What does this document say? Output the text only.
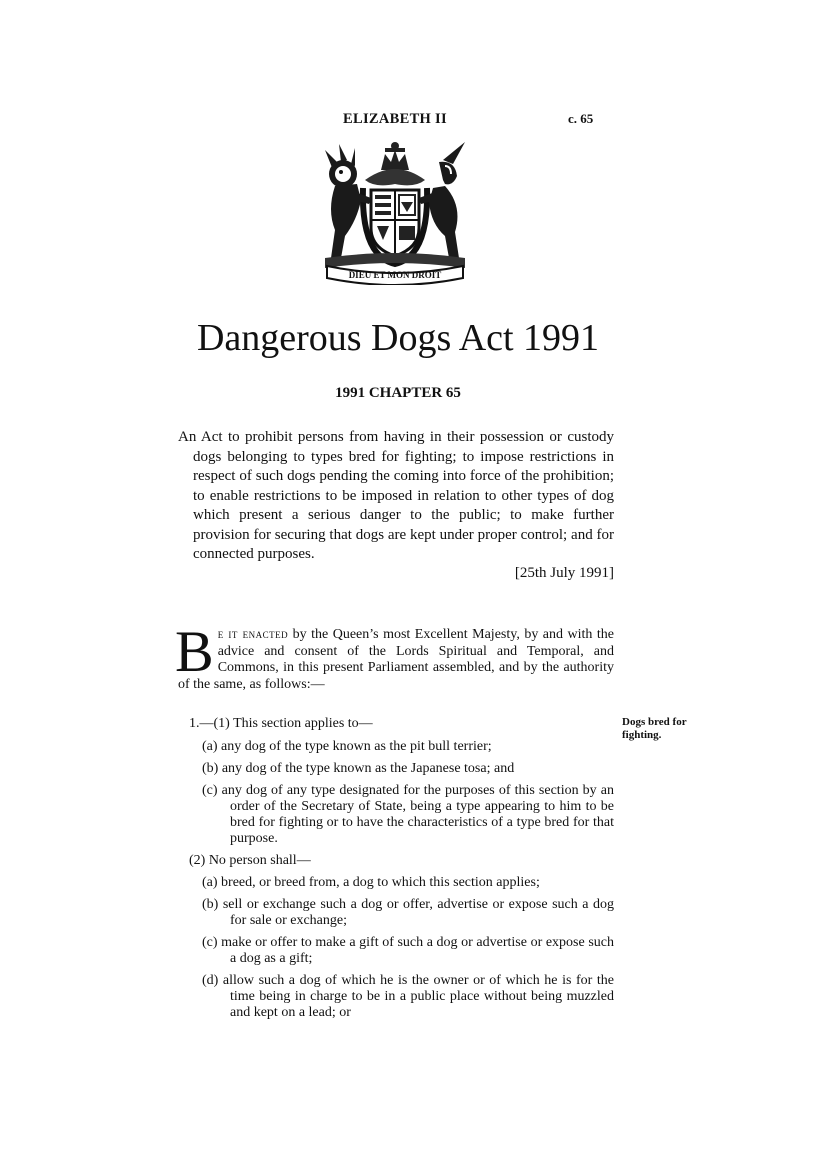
ELIZABETH II	c. 65
DIEU ET MON DROIT
Dangerous Dogs Act 1991
1991 CHAPTER 65
An Act to prohibit persons from having in their possession or custody dogs belonging to types bred for fighting; to impose restrictions in respect of such dogs pending the coming into force of the prohibition; to enable restrictions to be imposed in relation to other types of dog which present a serious danger to the public; to make further provision for securing that dogs are kept under proper control; and for connected purposes.
[25th July 1991]
B e it enacted by the Queen’s most Excellent Majesty, by and with the advice and consent of the Lords Spiritual and Temporal, and Commons, in this present Parliament assembled, and by the authority of the same, as follows:—

1.—(1) This section applies to—

(a) any dog of the type known as the pit bull terrier;

(b) any dog of the type known as the Japanese tosa; and

(c) any dog of any type designated for the purposes of this section by an order of the Secretary of State, being a type appearing to him to be bred for fighting or to have the characteristics of a type bred for that purpose.

(2) No person shall—

(a) breed, or breed from, a dog to which this section applies;

(b) sell or exchange such a dog or offer, advertise or expose such a dog for sale or exchange;

(c) make or offer to make a gift of such a dog or advertise or expose such a dog as a gift;

(d) allow such a dog of which he is the owner or of which he is for the time being in charge to be in a public place without being muzzled and kept on a lead; or

Dogs bred for fighting.
